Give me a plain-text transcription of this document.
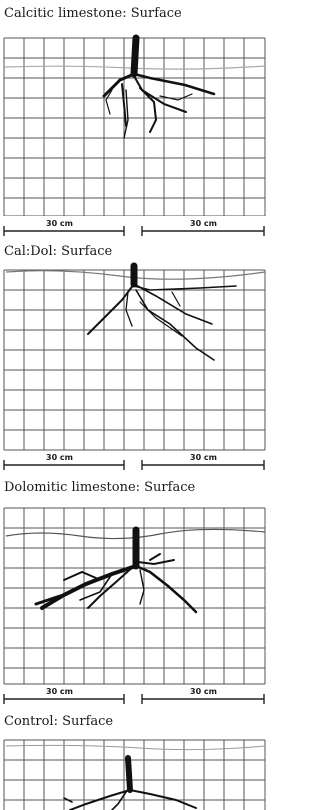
Calcitic limestone: Surface
30 cm	30 cm
Cal:Dol: Surface
30 cm	30 cm
Dolomitic limestone: Surface
30 cm	30 cm
Control: Surface
